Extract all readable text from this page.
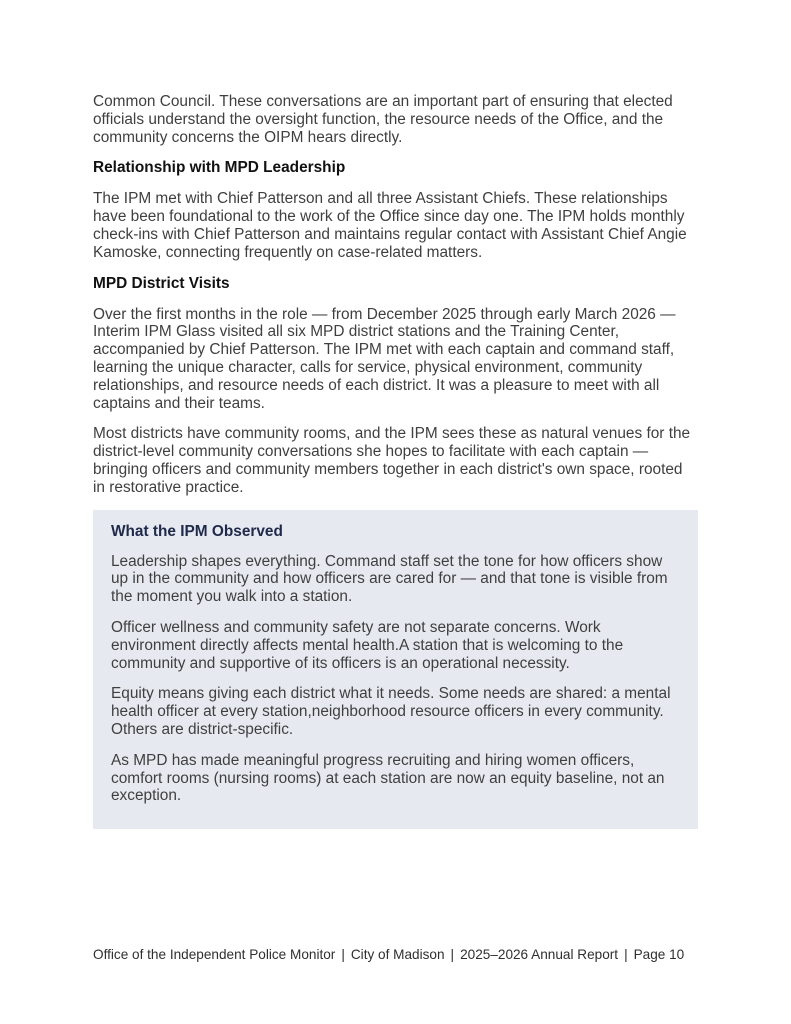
Common Council. These conversations are an important part of ensuring that elected officials understand the oversight function, the resource needs of the Office, and the community concerns the OIPM hears directly.

Relationship with MPD Leadership

The IPM met with Chief Patterson and all three Assistant Chiefs. These relationships have been foundational to the work of the Office since day one. The IPM holds monthly check-ins with Chief Patterson and maintains regular contact with Assistant Chief Angie Kamoske, connecting frequently on case-related matters.

MPD District Visits

Over the first months in the role — from December 2025 through early March 2026 — Interim IPM Glass visited all six MPD district stations and the Training Center, accompanied by Chief Patterson. The IPM met with each captain and command staff, learning the unique character, calls for service, physical environment, community relationships, and resource needs of each district. It was a pleasure to meet with all captains and their teams.

Most districts have community rooms, and the IPM sees these as natural venues for the district-level community conversations she hopes to facilitate with each captain — bringing officers and community members together in each district's own space, rooted in restorative practice.

What the IPM Observed

Leadership shapes everything. Command staff set the tone for how officers show up in the community and how officers are cared for — and that tone is visible from the moment you walk into a station.

Officer wellness and community safety are not separate concerns. Work environment directly affects mental health.A station that is welcoming to the community and supportive of its officers is an operational necessity.

Equity means giving each district what it needs. Some needs are shared: a mental health officer at every station,neighborhood resource officers in every community. Others are district-specific.

As MPD has made meaningful progress recruiting and hiring women officers, comfort rooms (nursing rooms) at each station are now an equity baseline, not an exception.

Office of the Independent Police Monitor | City of Madison | 2025–2026 Annual Report | Page 10
